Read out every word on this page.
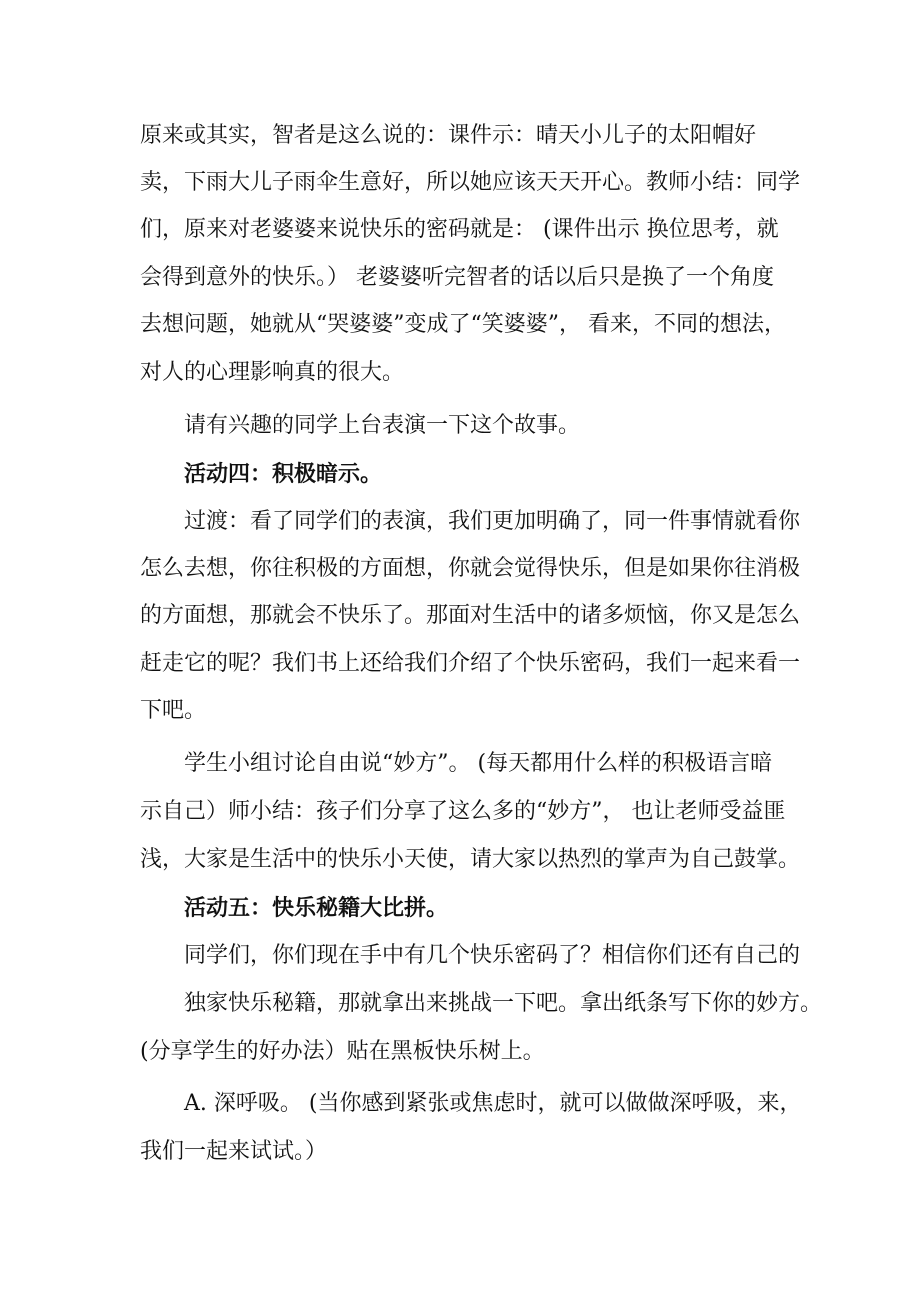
原来或其实，智者是这么说的：课件示：晴天小儿子的太阳帽好
卖，下雨大儿子雨伞生意好，所以她应该天天开心。教师小结：同学
们，原来对老婆婆来说快乐的密码就是： (课件出示 换位思考，就
会得到意外的快乐。） 老婆婆听完智者的话以后只是换了一个角度
去想问题，她就从“哭婆婆”变成了“笑婆婆”， 看来，不同的想法，
对人的心理影响真的很大。
请有兴趣的同学上台表演一下这个故事。
活动四：积极暗示。
过渡：看了同学们的表演，我们更加明确了，同一件事情就看你
怎么去想，你往积极的方面想，你就会觉得快乐，但是如果你往消极
的方面想，那就会不快乐了。那面对生活中的诸多烦恼，你又是怎么
赶走它的呢？我们书上还给我们介绍了个快乐密码，我们一起来看一
下吧。
学生小组讨论自由说“妙方”。 (每天都用什么样的积极语言暗
示自己）师小结：孩子们分享了这么多的“妙方”， 也让老师受益匪
浅，大家是生活中的快乐小天使，请大家以热烈的掌声为自己鼓掌。
活动五：快乐秘籍大比拼。
同学们，你们现在手中有几个快乐密码了？相信你们还有自己的
独家快乐秘籍，那就拿出来挑战一下吧。拿出纸条写下你的妙方。
(分享学生的好办法）贴在黑板快乐树上。
A. 深呼吸。 (当你感到紧张或焦虑时，就可以做做深呼吸，来，
我们一起来试试。）
